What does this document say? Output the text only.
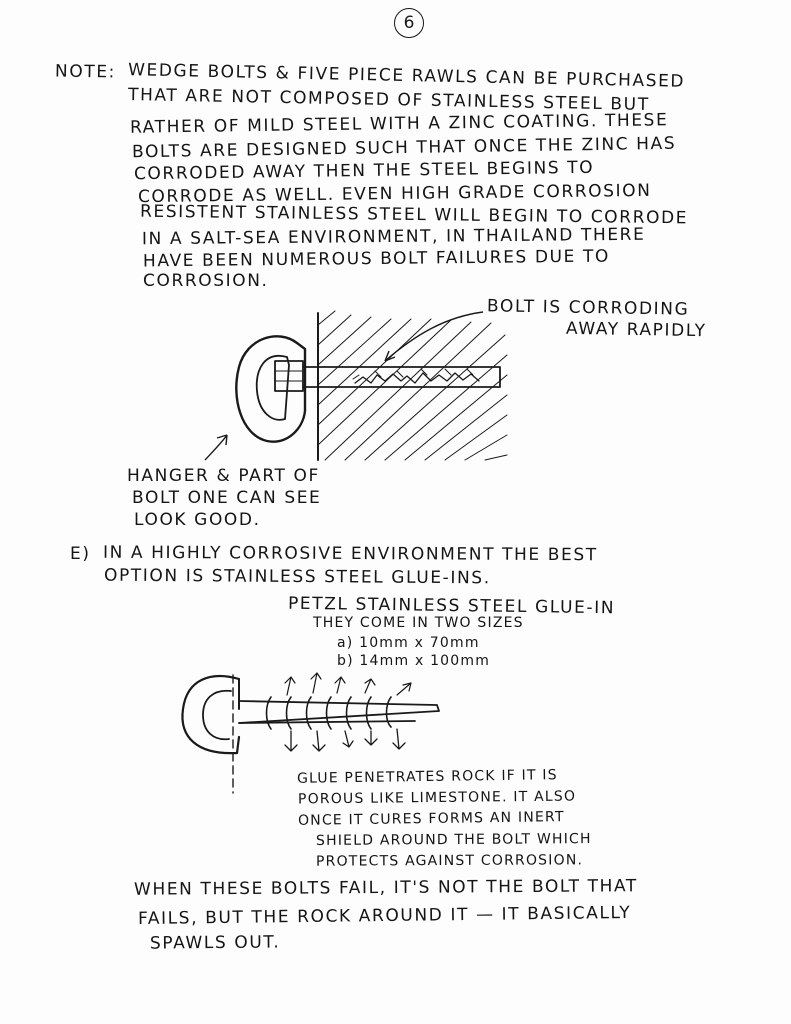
6

NOTE: WEDGE BOLTS & FIVE PIECE RAWLS CAN BE PURCHASED

THAT ARE NOT COMPOSED OF STAINLESS STEEL BUT

RATHER OF MILD STEEL WITH A ZINC COATING. THESE

BOLTS ARE DESIGNED SUCH THAT ONCE THE ZINC HAS

CORRODED AWAY THEN THE STEEL BEGINS TO

CORRODE AS WELL. EVEN HIGH GRADE CORROSION

RESISTENT STAINLESS STEEL WILL BEGIN TO CORRODE

IN A SALT-SEA ENVIRONMENT, IN THAILAND THERE

HAVE BEEN NUMEROUS BOLT FAILURES DUE TO

CORROSION.

BOLT IS CORRODING

AWAY RAPIDLY

HANGER & PART OF

BOLT ONE CAN SEE

LOOK GOOD.

E) IN A HIGHLY CORROSIVE ENVIRONMENT THE BEST

OPTION IS STAINLESS STEEL GLUE-INS.

PETZL STAINLESS STEEL GLUE-IN

THEY COME IN TWO SIZES

a) 10mm x 70mm

b) 14mm x 100mm

GLUE PENETRATES ROCK IF IT IS

POROUS LIKE LIMESTONE. IT ALSO

ONCE IT CURES FORMS AN INERT

SHIELD AROUND THE BOLT WHICH

PROTECTS AGAINST CORROSION.

WHEN THESE BOLTS FAIL, IT'S NOT THE BOLT THAT

FAILS, BUT THE ROCK AROUND IT — IT BASICALLY

SPAWLS OUT.
